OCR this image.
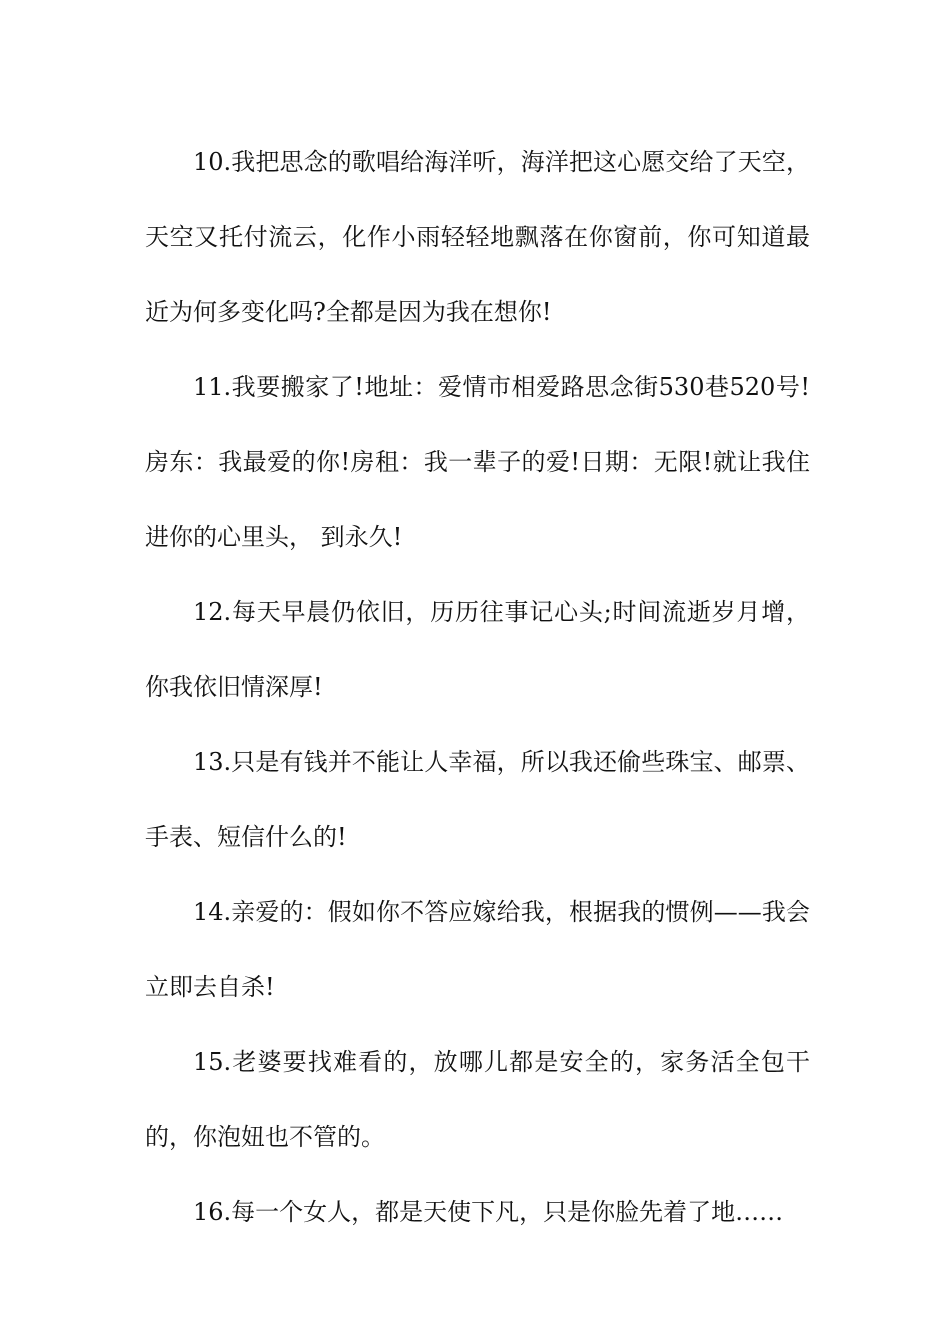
10.我把思念的歌唱给海洋听，海洋把这心愿交给了天空，天空又托付流云，化作小雨轻轻地飘落在你窗前，你可知道最近为何多变化吗?全都是因为我在想你!

11.我要搬家了!地址：爱情市相爱路思念街530巷520号!房东：我最爱的你!房租：我一辈子的爱!日期：无限!就让我住进你的心里头， 到永久!

12.每天早晨仍依旧，历历往事记心头;时间流逝岁月增，你我依旧情深厚!

13.只是有钱并不能让人幸福，所以我还偷些珠宝、邮票、手表、短信什么的!

14.亲爱的：假如你不答应嫁给我，根据我的惯例——我会立即去自杀!

15.老婆要找难看的，放哪儿都是安全的，家务活全包干的，你泡妞也不管的。

16.每一个女人，都是天使下凡，只是你脸先着了地……
